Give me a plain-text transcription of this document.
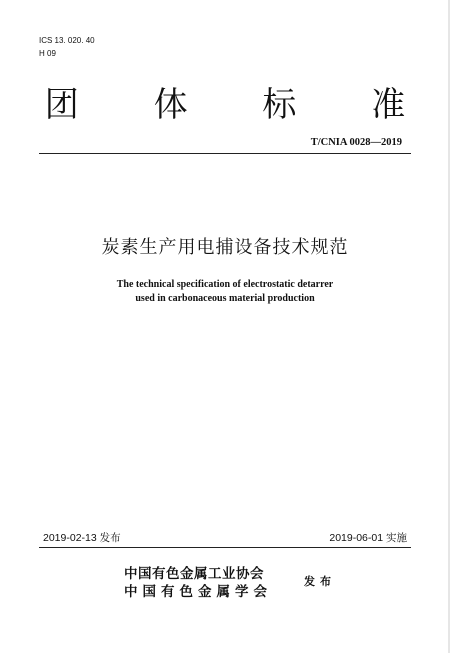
ICS 13. 020. 40
H 09
团 体 标 准
T/CNIA 0028—2019
炭素生产用电捕设备技术规范
The technical specification of electrostatic detarrer
used in carbonaceous material production
2019-02-13 发布	2019-06-01 实施
中国有色金属工业协会
中国有色金属学会
发布
